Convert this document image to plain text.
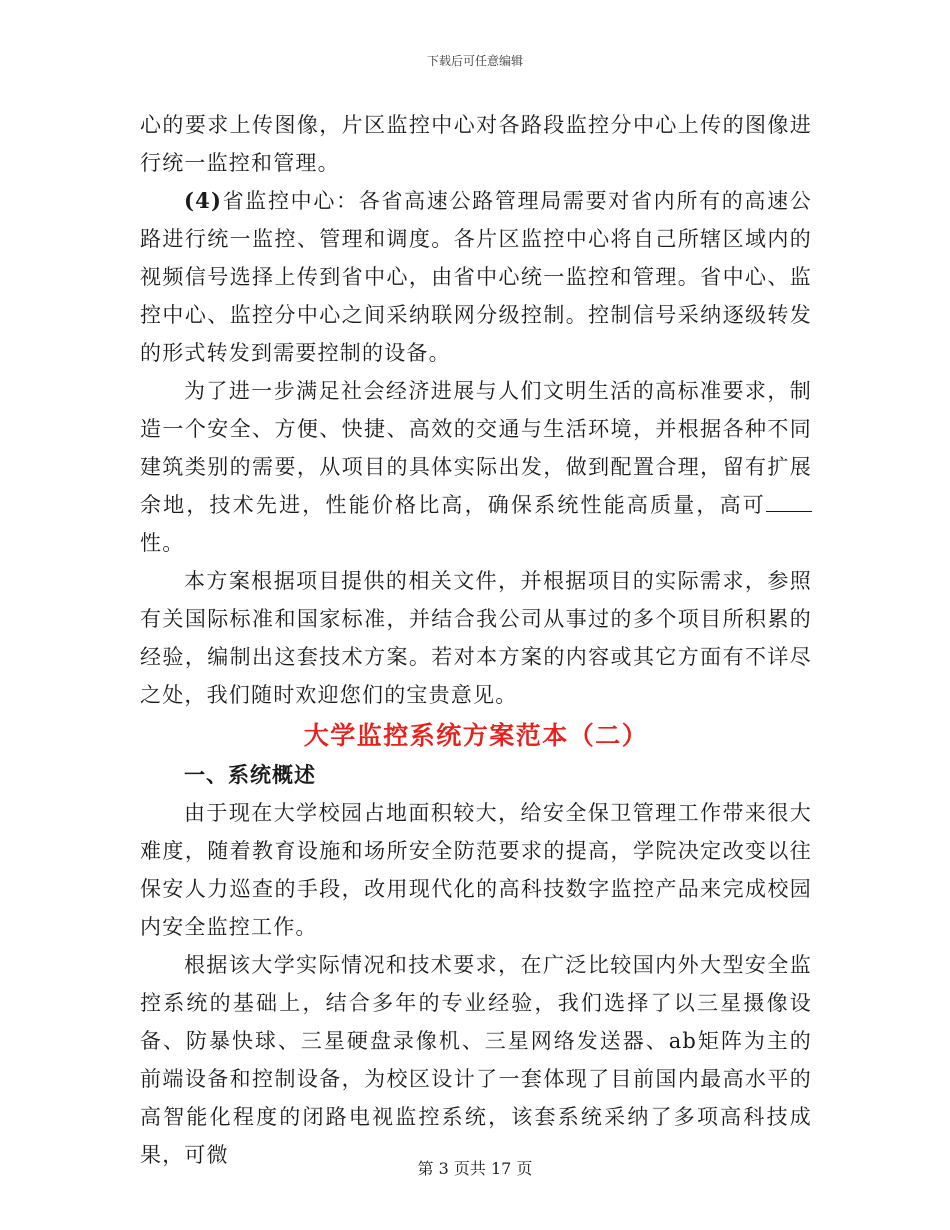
下载后可任意编辑

心的要求上传图像，片区监控中心对各路段监控分中心上传的图像进行统一监控和管理。

(4)省监控中心：各省高速公路管理局需要对省内所有的高速公路进行统一监控、管理和调度。各片区监控中心将自己所辖区域内的视频信号选择上传到省中心，由省中心统一监控和管理。省中心、监控中心、监控分中心之间采纳联网分级控制。控制信号采纳逐级转发的形式转发到需要控制的设备。

为了进一步满足社会经济进展与人们文明生活的高标准要求，制造一个安全、方便、快捷、高效的交通与生活环境，并根据各种不同建筑类别的需要，从项目的具体实际出发，做到配置合理，留有扩展余地，技术先进，性能价格比高，确保系统性能高质量，高可性。

本方案根据项目提供的相关文件，并根据项目的实际需求，参照有关国际标准和国家标准，并结合我公司从事过的多个项目所积累的经验，编制出这套技术方案。若对本方案的内容或其它方面有不详尽之处，我们随时欢迎您们的宝贵意见。

大学监控系统方案范本（二）
一、系统概述

由于现在大学校园占地面积较大，给安全保卫管理工作带来很大难度，随着教育设施和场所安全防范要求的提高，学院决定改变以往保安人力巡查的手段，改用现代化的高科技数字监控产品来完成校园内安全监控工作。

根据该大学实际情况和技术要求，在广泛比较国内外大型安全监控系统的基础上，结合多年的专业经验，我们选择了以三星摄像设备、防暴快球、三星硬盘录像机、三星网络发送器、ab矩阵为主的前端设备和控制设备，为校区设计了一套体现了目前国内最高水平的高智能化程度的闭路电视监控系统，该套系统采纳了多项高科技成果，可微

第 3 页共 17 页
